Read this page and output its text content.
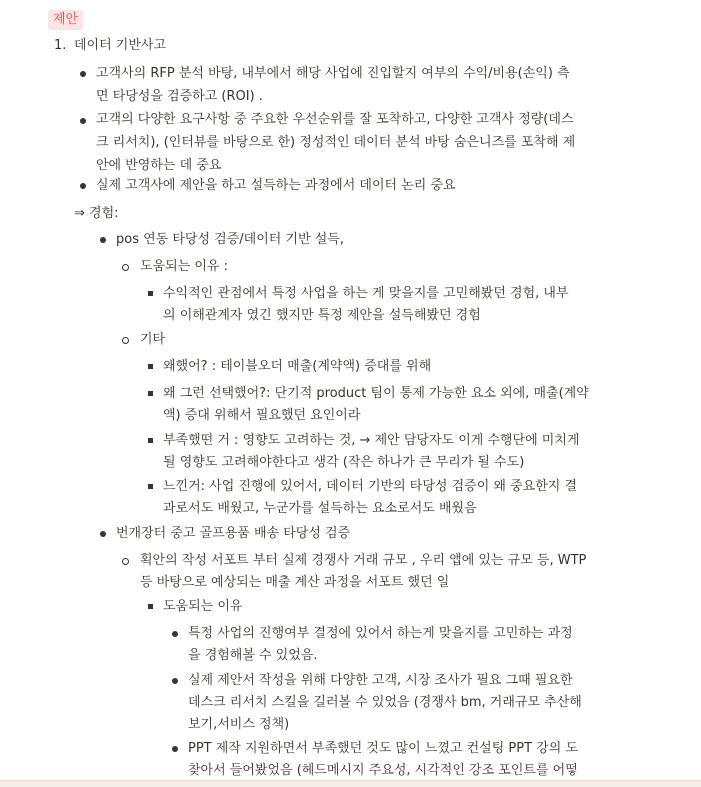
제안
1. 데이터 기반사고
고객사의 RFP 분석 바탕, 내부에서 해당 사업에 진입할지 여부의 수익/비용(손익) 측
면 타당성을 검증하고 (ROI) .
고객의 다양한 요구사항 중 주요한 우선순위를 잘 포착하고, 다양한 고객사 정량(데스
크 리서치), (인터뷰를 바탕으로 한) 정성적인 데이터 분석 바탕 숨은니즈를 포착해 제
안에 반영하는 데 중요
실제 고객사에 제안을 하고 설득하는 과정에서 데이터 논리 중요
⇒ 경험:
pos 연동 타당성 검증/데이터 기반 설득,
도움되는 이유 :
수익적인 관점에서 특정 사업을 하는 게 맞을지를 고민해봤던 경험, 내부
의 이해관계자 였긴 했지만 특정 제안을 설득해봤던 경험
기타
왜했어? : 테이블오더 매출(계약액) 증대를 위해
왜 그런 선택했어?: 단기적 product 팀이 통제 가능한 요소 외에, 매출(계약
액) 증대 위해서 필요했던 요인이라
부족했떤 거 : 영향도 고려하는 것, → 제안 담당자도 이게 수행단에 미치게
될 영향도 고려해야한다고 생각 (작은 하나가 큰 무리가 될 수도)
느낀거: 사업 진행에 있어서, 데이터 기반의 타당성 검증이 왜 중요한지 결
과로서도 배웠고, 누군가를 설득하는 요소로서도 배웠음
번개장터 중고 골프용품 배송 타당성 검증
획안의 작성 서포트 부터 실제 경쟁사 거래 규모 , 우리 앱에 있는 규모 등, WTP
등 바탕으로 예상되는 매출 계산 과정을 서포트 했던 일
도움되는 이유
특정 사업의 진행여부 결정에 있어서 하는게 맞을지를 고민하는 과정
을 경험해볼 수 있었음.
실제 제안서 작성을 위해 다양한 고객, 시장 조사가 필요 그때 필요한
데스크 리서치 스킬을 길러볼 수 있었음 (경쟁사 bm, 거래규모 추산해
보기,서비스 정책)
PPT 제작 지원하면서 부족했던 것도 많이 느꼈고 컨설팅 PPT 강의 도
찾아서 들어봤었음 (헤드메시지 주요성, 시각적인 강조 포인트를 어떻
